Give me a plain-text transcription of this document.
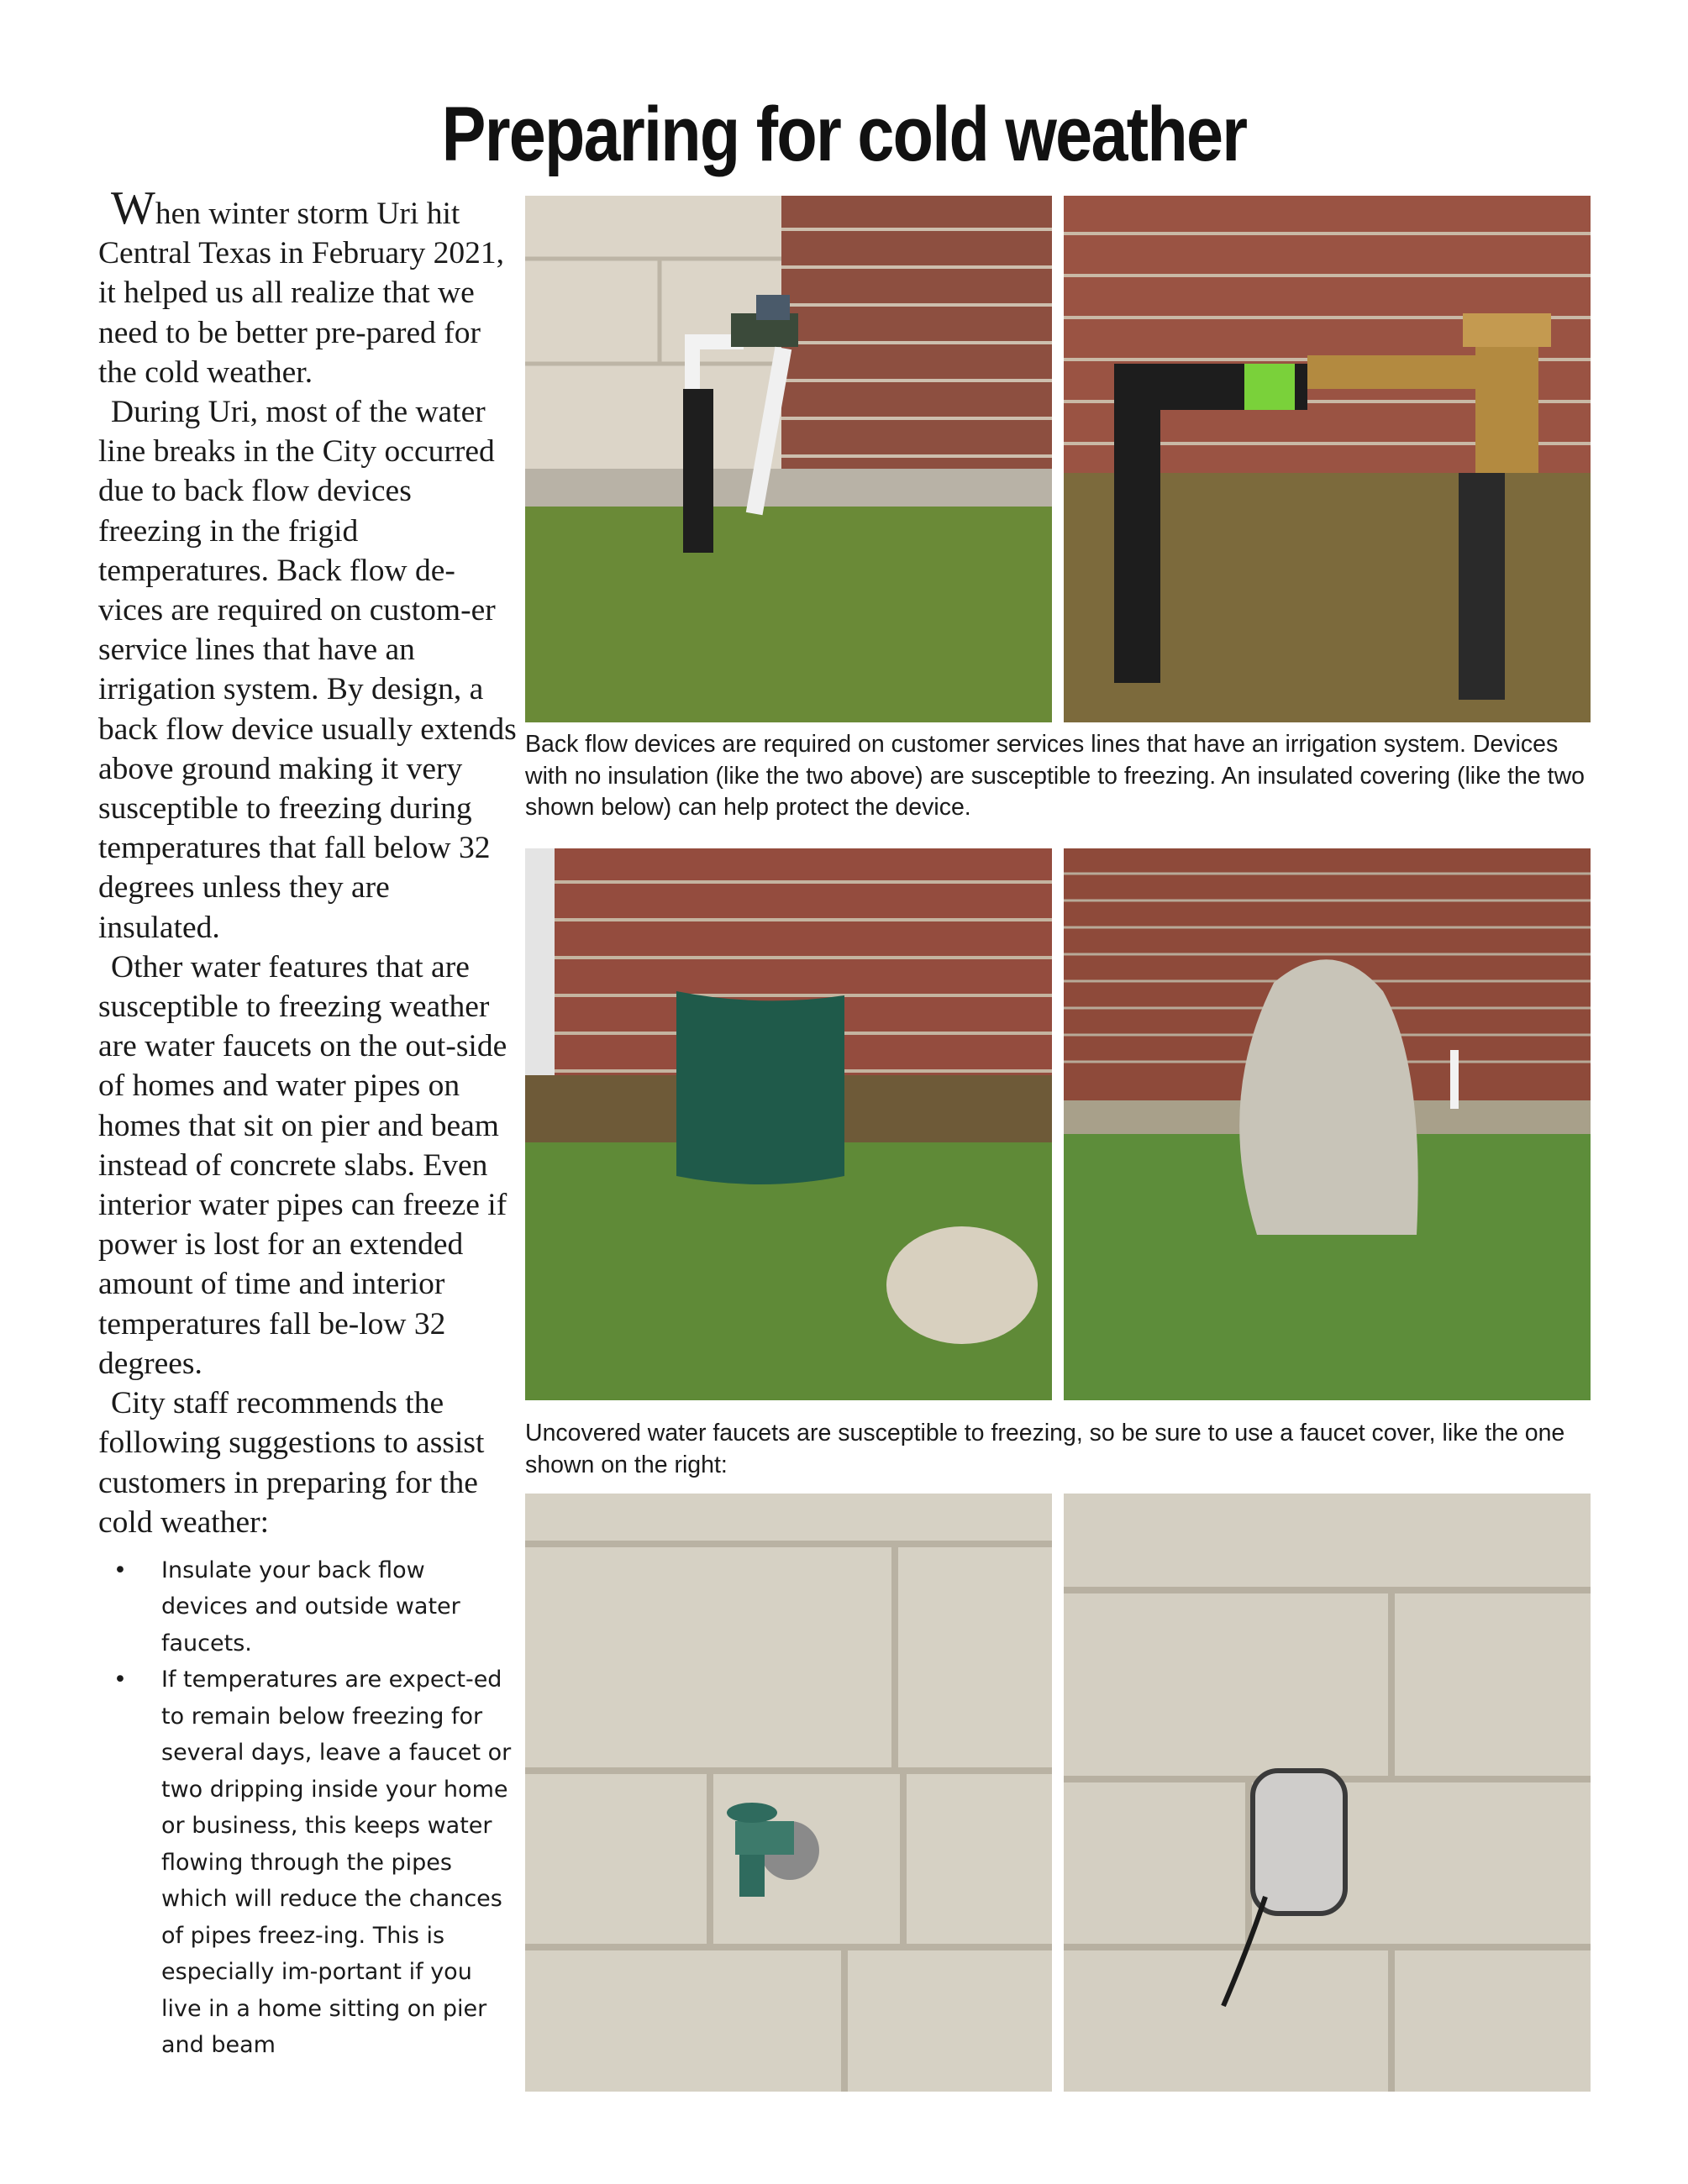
Preparing for cold weather

When winter storm Uri hit Central Texas in February 2021, it helped us all realize that we need to be better pre-pared for the cold weather.

During Uri, most of the water line breaks in the City occurred due to back flow devices freezing in the frigid temperatures. Back flow de-vices are required on custom-er service lines that have an irrigation system. By design, a back flow device usually extends above ground making it very susceptible to freezing during temperatures that fall below 32 degrees unless they are insulated.

Other water features that are susceptible to freezing weather are water faucets on the out-side of homes and water pipes on homes that sit on pier and beam instead of concrete slabs. Even interior water pipes can freeze if power is lost for an extended amount of time and interior temperatures fall be-low 32 degrees.

City staff recommends the following suggestions to assist customers in preparing for the cold weather:

• Insulate your back flow devices and outside water faucets.
• If temperatures are expect-ed to remain below freezing for several days, leave a faucet or two dripping inside your home or business, this keeps water flowing through the pipes which will reduce the chances of pipes freez-ing. This is especially im-portant if you live in a home sitting on pier and beam

Back flow devices are required on customer services lines that have an irrigation system. Devices with no insulation (like the two above) are susceptible to freezing. An insulated covering (like the two shown below) can help protect the device.

Uncovered water faucets are susceptible to freezing, so be sure to use a faucet cover, like the one shown on the right:
